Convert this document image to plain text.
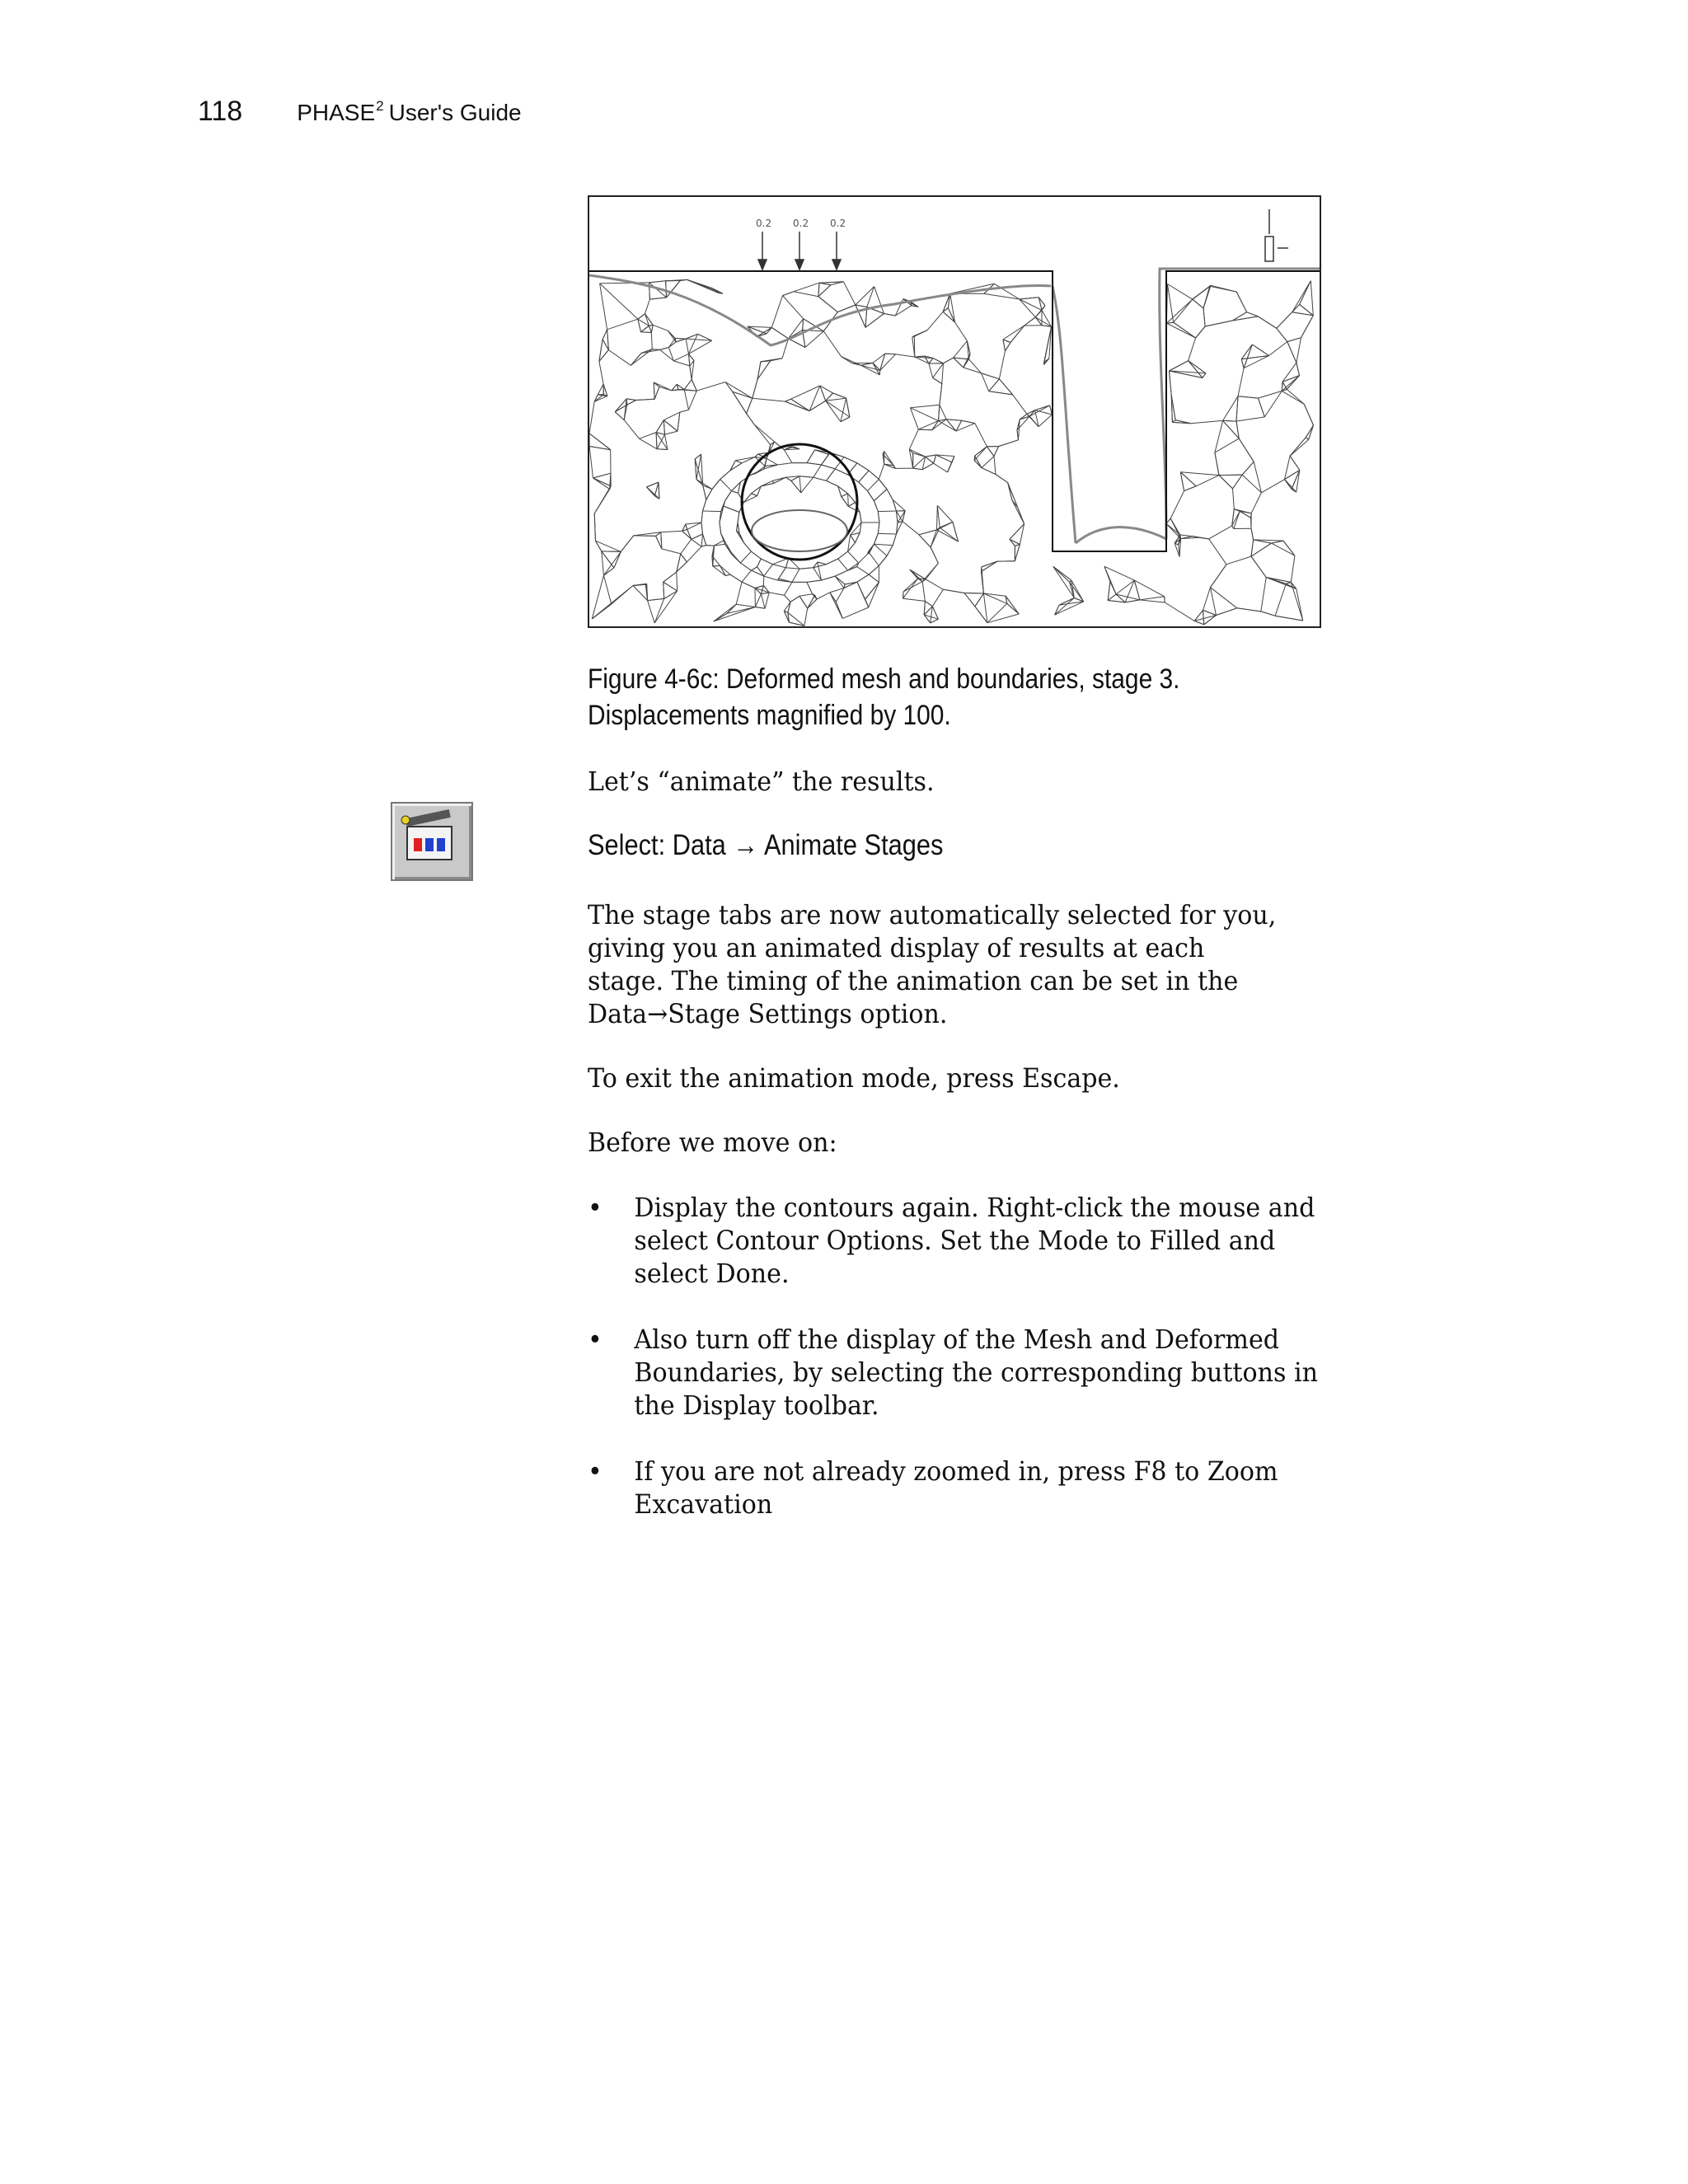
118 PHASE$^2$ User's Guide
0.2 0.2 0.2
Figure 4-6c: Deformed mesh and boundaries, stage 3.
Displacements magnified by 100.
Let’s “animate” the results.
Select: Data → Animate Stages
The stage tabs are now automatically selected for you, giving you an animated display of results at each stage. The timing of the animation can be set in the Data→Stage Settings option.
To exit the animation mode, press Escape.
Before we move on:
• Display the contours again. Right-click the mouse and select Contour Options. Set the Mode to Filled and select Done.
• Also turn off the display of the Mesh and Deformed Boundaries, by selecting the corresponding buttons in the Display toolbar.
• If you are not already zoomed in, press F8 to Zoom Excavation
